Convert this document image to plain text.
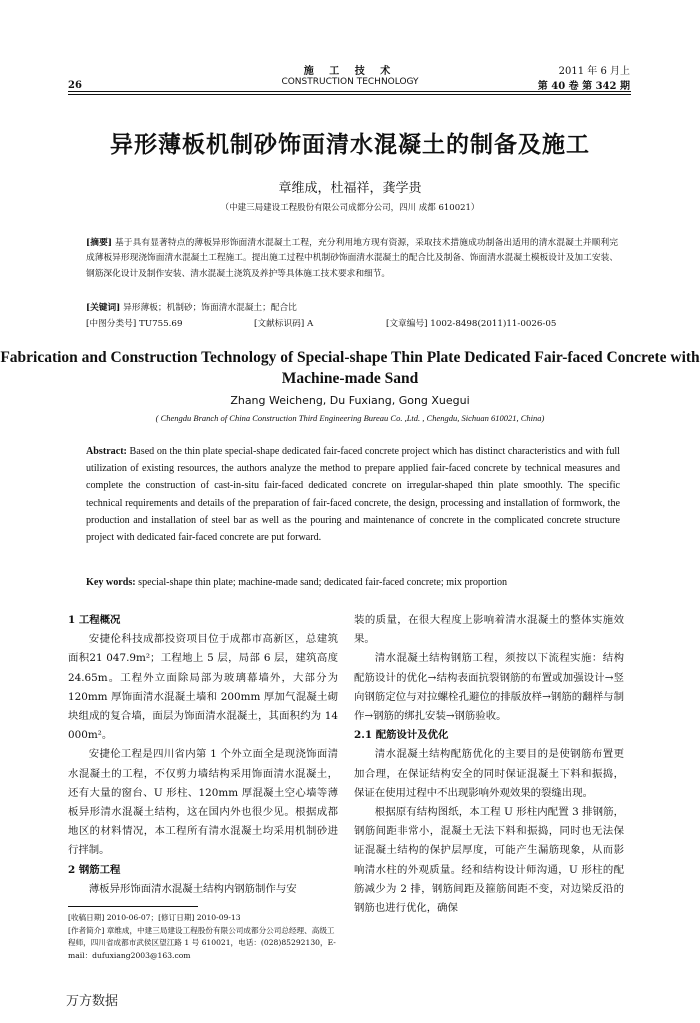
26
施 工 技 术
CONSTRUCTION TECHNOLOGY
2011 年 6 月上
第 40 卷 第 342 期
异形薄板机制砂饰面清水混凝土的制备及施工
章维成，杜福祥，龚学贵
（中建三局建设工程股份有限公司成都分公司，四川 成都 610021）
[摘要] 基于具有显著特点的薄板异形饰面清水混凝土工程，充分利用地方现有资源，采取技术措施成功制备出适用的清水混凝土并顺利完成薄板异形现浇饰面清水混凝土工程施工。提出施工过程中机制砂饰面清水混凝土的配合比及制备、饰面清水混凝土模板设计及加工安装、钢筋深化设计及制作安装、清水混凝土浇筑及养护等具体施工技术要求和细节。
[关键词] 异形薄板；机制砂；饰面清水混凝土；配合比
[中图分类号] TU755.69	[文献标识码] A	[文章编号] 1002-8498(2011)11-0026-05
Fabrication and Construction Technology of Special-shape Thin Plate Dedicated Fair-faced Concrete with Machine-made Sand
Zhang Weicheng, Du Fuxiang, Gong Xuegui
( Chengdu Branch of China Construction Third Engineering Bureau Co. ,Ltd. , Chengdu, Sichuan 610021, China)
Abstract: Based on the thin plate special-shape dedicated fair-faced concrete project which has distinct characteristics and with full utilization of existing resources, the authors analyze the method to prepare applied fair-faced concrete by technical measures and complete the construction of cast-in-situ fair-faced dedicated concrete on irregular-shaped thin plate smoothly. The specific technical requirements and details of the preparation of fair-faced concrete, the design, processing and installation of formwork, the production and installation of steel bar as well as the pouring and maintenance of concrete in the complicated concrete structure project with dedicated fair-faced concrete are put forward.
Key words: special-shape thin plate; machine-made sand; dedicated fair-faced concrete; mix proportion

1 工程概况

安捷伦科技成都投资项目位于成都市高新区，总建筑面积21 047.9m²；工程地上 5 层，局部 6 层，建筑高度 24.65m。工程外立面除局部为玻璃幕墙外，大部分为 120mm 厚饰面清水混凝土墙和 200mm 厚加气混凝土砌块组成的复合墙，面层为饰面清水混凝土，其面积约为 14 000m²。

安捷伦工程是四川省内第 1 个外立面全是现浇饰面清水混凝土的工程，不仅剪力墙结构采用饰面清水混凝土，还有大量的窗台、U 形柱、120mm 厚混凝土空心墙等薄板异形清水混凝土结构，这在国内外也很少见。根据成都地区的材料情况，本工程所有清水混凝土均采用机制砂进行拌制。

2 钢筋工程

薄板异形饰面清水混凝土结构内钢筋制作与安

装的质量，在很大程度上影响着清水混凝土的整体实施效果。

清水混凝土结构钢筋工程，须按以下流程实施：结构配筋设计的优化→结构表面抗裂钢筋的布置或加强设计→竖向钢筋定位与对拉螺栓孔避位的排版放样→钢筋的翻样与制作→钢筋的绑扎安装→钢筋验收。

2.1 配筋设计及优化

清水混凝土结构配筋优化的主要目的是使钢筋布置更加合理，在保证结构安全的同时保证混凝土下料和振捣，保证在使用过程中不出现影响外观效果的裂缝出现。

根据原有结构图纸，本工程 U 形柱内配置 3 排钢筋，钢筋间距非常小，混凝土无法下料和振捣，同时也无法保证混凝土结构的保护层厚度，可能产生漏筋现象，从而影响清水柱的外观质量。经和结构设计师沟通，U 形柱的配筋减少为 2 排，钢筋间距及箍筋间距不变，对边梁反沿的钢筋也进行优化，确保

[收稿日期] 2010-06-07；[修订日期] 2010-09-13
[作者简介] 章维成，中建三局建设工程股份有限公司成都分公司总经理、高级工程师，四川省成都市武侯区望江路 1 号 610021，电话：(028)85292130，E-mail：dufuxiang2003@163.com
万方数据
